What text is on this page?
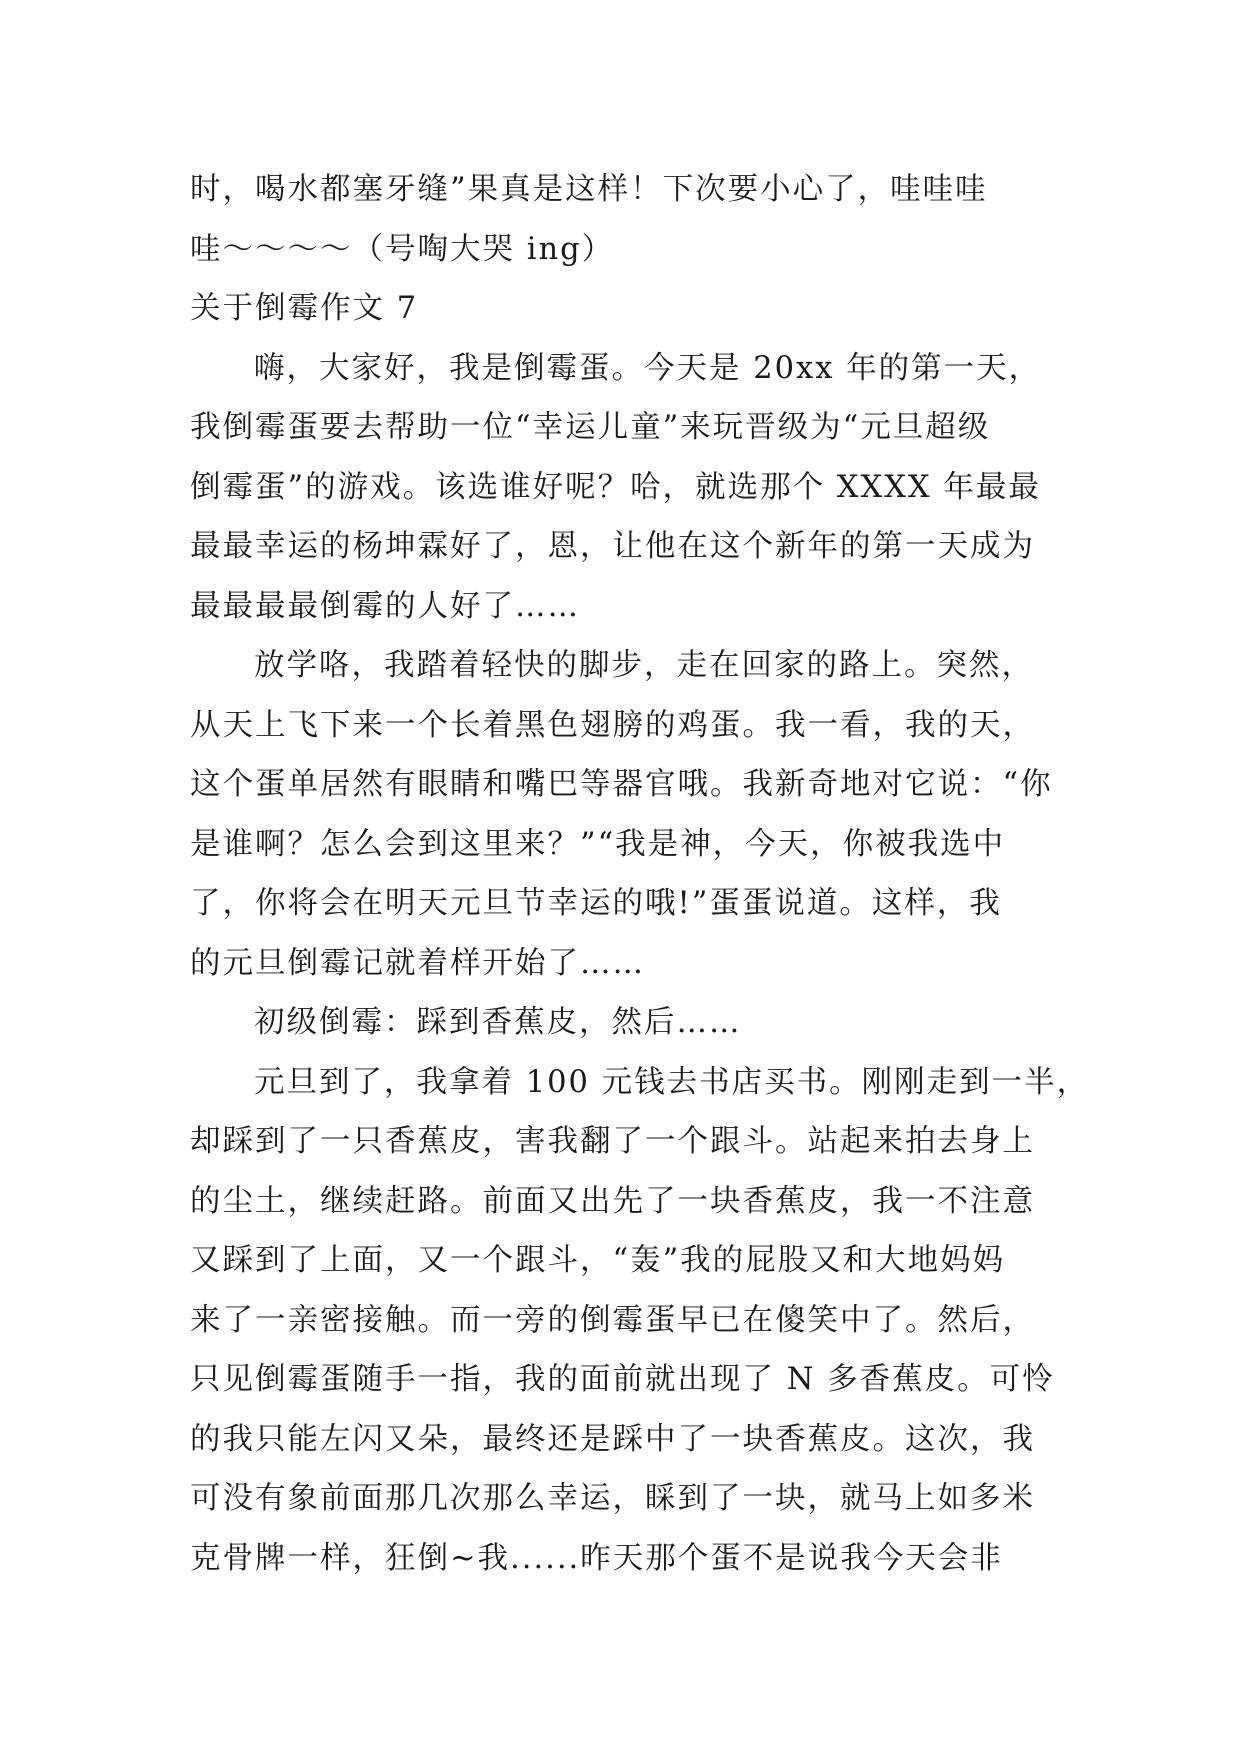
时，喝水都塞牙缝”果真是这样！下次要小心了，哇哇哇
哇～～～～（号啕大哭 ing）
关于倒霉作文 7
嗨，大家好，我是倒霉蛋。今天是 20xx 年的第一天，
我倒霉蛋要去帮助一位“幸运儿童”来玩晋级为“元旦超级
倒霉蛋”的游戏。该选谁好呢？哈，就选那个 XXXX 年最最
最最幸运的杨坤霖好了，恩，让他在这个新年的第一天成为
最最最最倒霉的人好了……
放学咯，我踏着轻快的脚步，走在回家的路上。突然，
从天上飞下来一个长着黑色翅膀的鸡蛋。我一看，我的天，
这个蛋单居然有眼睛和嘴巴等器官哦。我新奇地对它说：“你
是谁啊？怎么会到这里来？”“我是神，今天，你被我选中
了，你将会在明天元旦节幸运的哦!”蛋蛋说道。这样，我
的元旦倒霉记就着样开始了……
初级倒霉：踩到香蕉皮，然后……
元旦到了，我拿着 100 元钱去书店买书。刚刚走到一半，
却踩到了一只香蕉皮，害我翻了一个跟斗。站起来拍去身上
的尘土，继续赶路。前面又出先了一块香蕉皮，我一不注意
又踩到了上面，又一个跟斗，“轰”我的屁股又和大地妈妈
来了一亲密接触。而一旁的倒霉蛋早已在傻笑中了。然后，
只见倒霉蛋随手一指，我的面前就出现了 N 多香蕉皮。可怜
的我只能左闪又朵，最终还是踩中了一块香蕉皮。这次，我
可没有象前面那几次那么幸运，睬到了一块，就马上如多米
克骨牌一样，狂倒~我......昨天那个蛋不是说我今天会非
